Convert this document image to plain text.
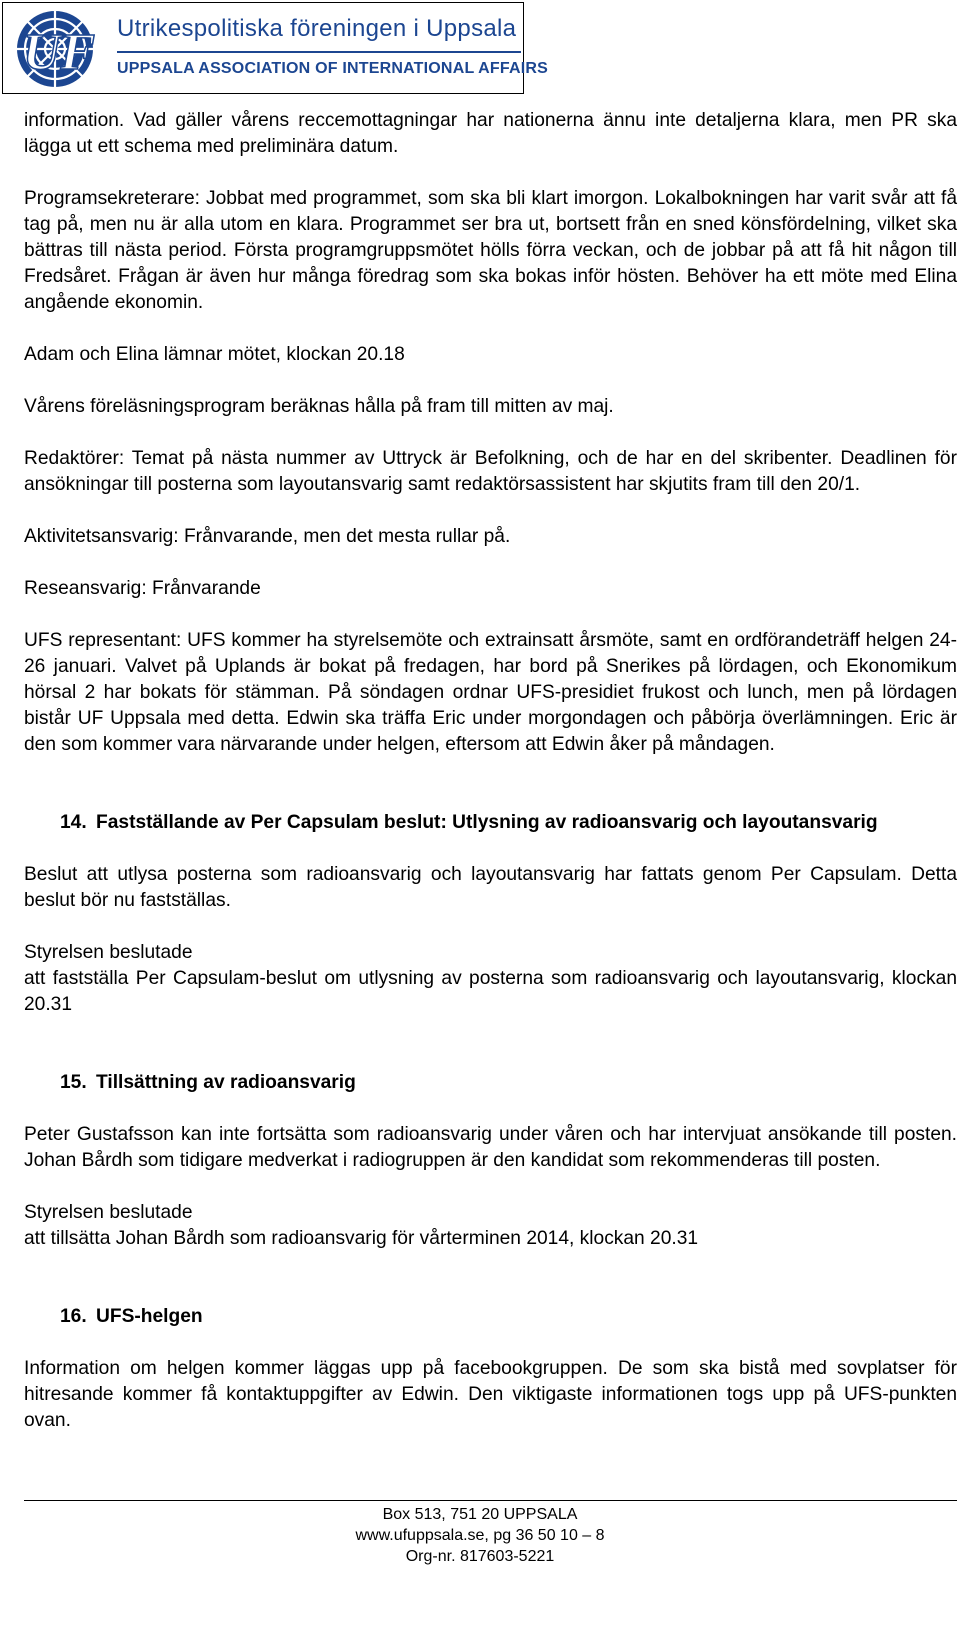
UF Utrikespolitiska föreningen i Uppsala
UPPSALA ASSOCIATION OF INTERNATIONAL AFFAIRS

information. Vad gäller vårens reccemottagningar har nationerna ännu inte detaljerna klara, men PR ska lägga ut ett schema med preliminära datum.

Programsekreterare: Jobbat med programmet, som ska bli klart imorgon. Lokalbokningen har varit svår att få tag på, men nu är alla utom en klara. Programmet ser bra ut, bortsett från en sned könsfördelning, vilket ska bättras till nästa period. Första programgruppsmötet hölls förra veckan, och de jobbar på att få hit någon till Fredsåret. Frågan är även hur många föredrag som ska bokas inför hösten. Behöver ha ett möte med Elina angående ekonomin.

Adam och Elina lämnar mötet, klockan 20.18

Vårens föreläsningsprogram beräknas hålla på fram till mitten av maj.

Redaktörer: Temat på nästa nummer av Uttryck är Befolkning, och de har en del skribenter. Deadlinen för ansökningar till posterna som layoutansvarig samt redaktörsassistent har skjutits fram till den 20/1.

Aktivitetsansvarig: Frånvarande, men det mesta rullar på.

Reseansvarig: Frånvarande

UFS representant: UFS kommer ha styrelsemöte och extrainsatt årsmöte, samt en ordförandeträff helgen 24-26 januari. Valvet på Uplands är bokat på fredagen, har bord på Snerikes på lördagen, och Ekonomikum hörsal 2 har bokats för stämman. På söndagen ordnar UFS-presidiet frukost och lunch, men på lördagen bistår UF Uppsala med detta. Edwin ska träffa Eric under morgondagen och påbörja överlämningen. Eric är den som kommer vara närvarande under helgen, eftersom att Edwin åker på måndagen.

14. Fastställande av Per Capsulam beslut: Utlysning av radioansvarig och layoutansvarig

Beslut att utlysa posterna som radioansvarig och layoutansvarig har fattats genom Per Capsulam. Detta beslut bör nu fastställas.

Styrelsen beslutade
att fastställa Per Capsulam-beslut om utlysning av posterna som radioansvarig och layoutansvarig, klockan 20.31

15. Tillsättning av radioansvarig

Peter Gustafsson kan inte fortsätta som radioansvarig under våren och har intervjuat ansökande till posten. Johan Bårdh som tidigare medverkat i radiogruppen är den kandidat som rekommenderas till posten.

Styrelsen beslutade
att tillsätta Johan Bårdh som radioansvarig för vårterminen 2014, klockan 20.31

16. UFS-helgen

Information om helgen kommer läggas upp på facebookgruppen. De som ska bistå med sovplatser för hitresande kommer få kontaktuppgifter av Edwin. Den viktigaste informationen togs upp på UFS-punkten ovan.

Box 513, 751 20 UPPSALA
www.ufuppsala.se, pg 36 50 10 – 8
Org-nr. 817603-5221
